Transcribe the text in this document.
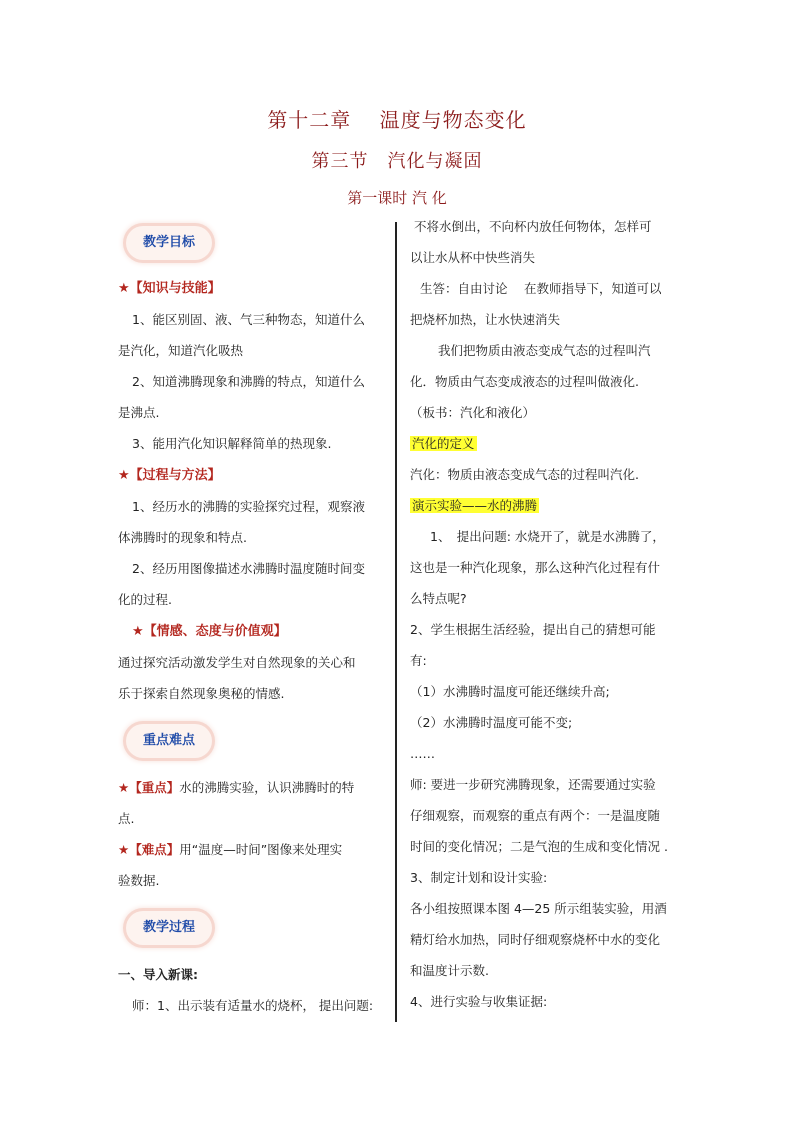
第十二章　 温度与物态变化
第三节　汽化与凝固
第一课时 汽 化
教学目标
★【知识与技能】
1、能区别固、液、气三种物态，知道什么
是汽化，知道汽化吸热
2、知道沸腾现象和沸腾的特点，知道什么
是沸点.
3、能用汽化知识解释简单的热现象.
★【过程与方法】
1、经历水的沸腾的实验探究过程，观察液
体沸腾时的现象和特点.
2、经历用图像描述水沸腾时温度随时间变
化的过程.
★【情感、态度与价值观】
通过探究活动激发学生对自然现象的关心和
乐于探索自然现象奥秘的情感.
重点难点
★【重点】水的沸腾实验，认识沸腾时的特
点.
★【难点】用“温度—时间”图像来处理实
验数据.
教学过程
一、导入新课:
师：1、出示装有适量水的烧杯， 提出问题:
不将水倒出，不向杯内放任何物体，怎样可
以让水从杯中快些消失
生答：自由讨论　 在教师指导下，知道可以
把烧杯加热，让水快速消失
我们把物质由液态变成气态的过程叫汽
化．物质由气态变成液态的过程叫做液化.
（板书：汽化和液化）
汽化的定义
汽化：物质由液态变成气态的过程叫汽化.
演示实验——水的沸腾
1、　提出问题: 水烧开了，就是水沸腾了，
这也是一种汽化现象，那么这种汽化过程有什
么特点呢?
2、学生根据生活经验，提出自己的猜想可能
有:
（1）水沸腾时温度可能还继续升高;
（2）水沸腾时温度可能不变;
……
师: 要进一步研究沸腾现象，还需要通过实验
仔细观察，而观察的重点有两个：一是温度随
时间的变化情况；二是气泡的生成和变化情况 .
3、制定计划和设计实验:
各小组按照课本图 4—25 所示组装实验，用酒
精灯给水加热，同时仔细观察烧杯中水的变化
和温度计示数.
4、进行实验与收集证据:
